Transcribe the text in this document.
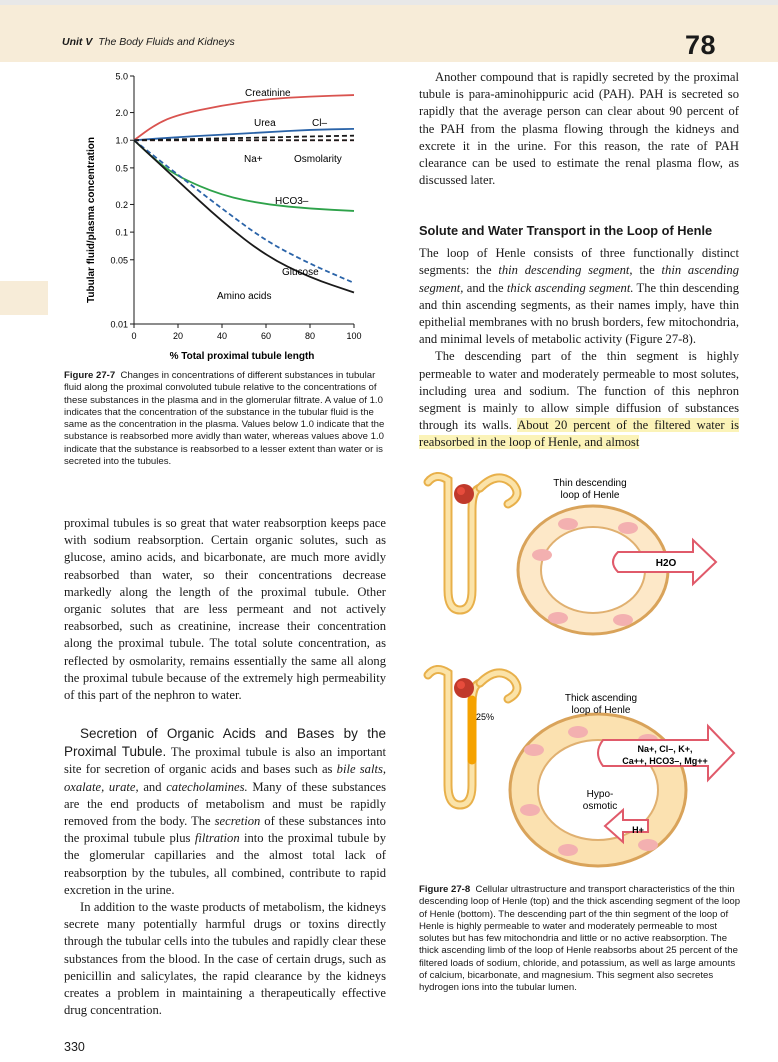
Unit V The Body Fluids and Kidneys	78
5.0
2.0
1.0
0.5
0.2
0.1
0.05
0.01
0	20	40	60	80	100
Tubular fluid/plasma concentration
% Total proximal tubule length
Creatinine
Urea	Cl–
Na+	Osmolarity
HCO3–
Glucose
Amino acids
Figure 27-7 Changes in concentrations of different substances in tubular fluid along the proximal convoluted tubule relative to the concentrations of these substances in the plasma and in the glomerular filtrate. A value of 1.0 indicates that the concentration of the substance in the tubular fluid is the same as the concentration in the plasma. Values below 1.0 indicate that the substance is reabsorbed more avidly than water, whereas values above 1.0 indicate that the substance is reabsorbed to a lesser extent than water or is secreted into the tubules.

Another compound that is rapidly secreted by the proximal tubule is para-aminohippuric acid (PAH). PAH is secreted so rapidly that the average person can clear about 90 percent of the PAH from the plasma flowing through the kidneys and excrete it in the urine. For this reason, the rate of PAH clearance can be used to estimate the renal plasma flow, as discussed later.

Solute and Water Transport in the Loop of Henle

The loop of Henle consists of three functionally distinct segments: the thin descending segment, the thin ascending segment, and the thick ascending segment. The thin descending and thin ascending segments, as their names imply, have thin epithelial membranes with no brush borders, few mitochondria, and minimal levels of metabolic activity (Figure 27-8).

The descending part of the thin segment is highly permeable to water and moderately permeable to most solutes, including urea and sodium. The function of this nephron segment is mainly to allow simple diffusion of substances through its walls. About 20 percent of the filtered water is reabsorbed in the loop of Henle, and almost

proximal tubules is so great that water reabsorption keeps pace with sodium reabsorption. Certain organic solutes, such as glucose, amino acids, and bicarbonate, are much more avidly reabsorbed than water, so their concentrations decrease markedly along the length of the proximal tubule. Other organic solutes that are less permeant and not actively reabsorbed, such as creatinine, increase their concentration along the proximal tubule. The total solute concentration, as reflected by osmolarity, remains essentially the same all along the proximal tubule because of the extremely high permeability of this part of the nephron to water.

Secretion of Organic Acids and Bases by the Proximal Tubule. The proximal tubule is also an important site for secretion of organic acids and bases such as bile salts, oxalate, urate, and catecholamines. Many of these substances are the end products of metabolism and must be rapidly removed from the body. The secretion of these substances into the proximal tubule plus filtration into the proximal tubule by the glomerular capillaries and the almost total lack of reabsorption by the tubules, all combined, contribute to rapid excretion in the urine.

In addition to the waste products of metabolism, the kidneys secrete many potentially harmful drugs or toxins directly through the tubular cells into the tubules and rapidly clear these substances from the blood. In the case of certain drugs, such as penicillin and salicylates, the rapid clearance by the kidneys creates a problem in maintaining a therapeutically effective drug concentration.

Thin descending
loop of Henle
H2O
25%
Thick ascending
loop of Henle
Na+, Cl–, K+,
Ca++, HCO3–, Mg++
Hypo-
osmotic
H+
Figure 27-8 Cellular ultrastructure and transport characteristics of the thin descending loop of Henle (top) and the thick ascending segment of the loop of Henle (bottom). The descending part of the thin segment of the loop of Henle is highly permeable to water and moderately permeable to most solutes but has few mitochondria and little or no active reabsorption. The thick ascending limb of the loop of Henle reabsorbs about 25 percent of the filtered loads of sodium, chloride, and potassium, as well as large amounts of calcium, bicarbonate, and magnesium. This segment also secretes hydrogen ions into the tubular lumen.
330
